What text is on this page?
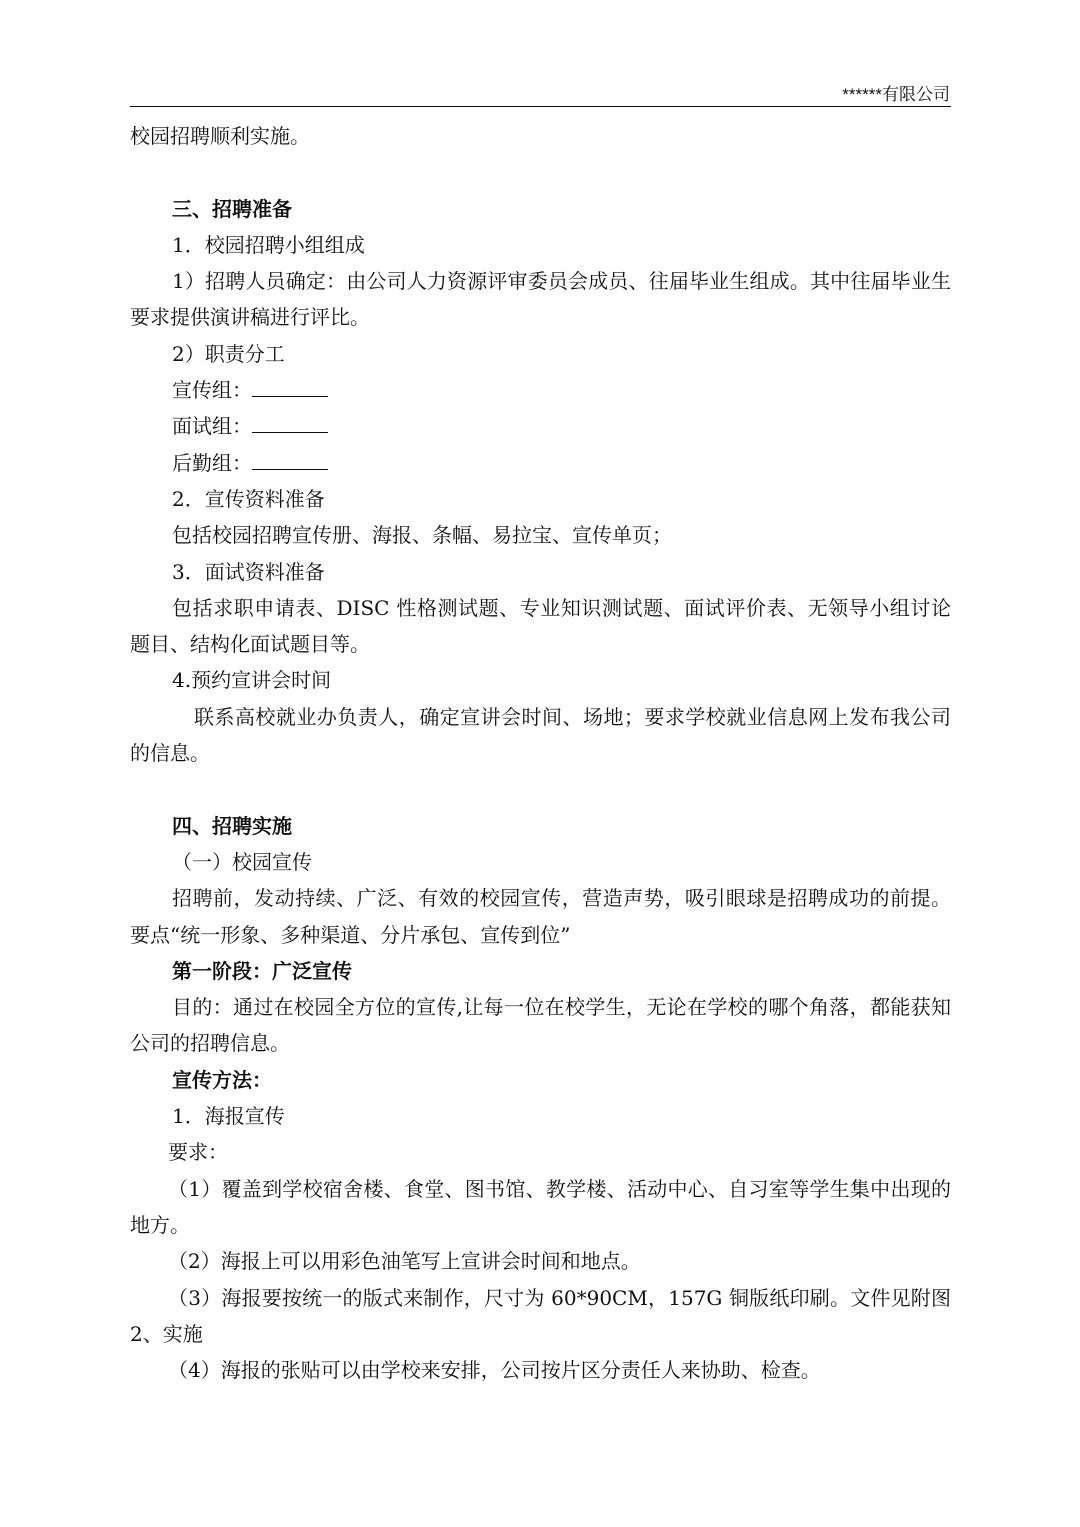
******有限公司

校园招聘顺利实施。

三、招聘准备

1．校园招聘小组组成

1）招聘人员确定：由公司人力资源评审委员会成员、往届毕业生组成。其中往届毕业生要求提供演讲稿进行评比。

2）职责分工

宣传组：

面试组：

后勤组：

2．宣传资料准备

包括校园招聘宣传册、海报、条幅、易拉宝、宣传单页；

3．面试资料准备

包括求职申请表、DISC 性格测试题、专业知识测试题、面试评价表、无领导小组讨论题目、结构化面试题目等。

4.预约宣讲会时间

联系高校就业办负责人，确定宣讲会时间、场地；要求学校就业信息网上发布我公司的信息。

四、招聘实施

（一）校园宣传

招聘前，发动持续、广泛、有效的校园宣传，营造声势，吸引眼球是招聘成功的前提。要点“统一形象、多种渠道、分片承包、宣传到位”

第一阶段：广泛宣传

目的：通过在校园全方位的宣传,让每一位在校学生，无论在学校的哪个角落，都能获知公司的招聘信息。

宣传方法：

1．海报宣传

要求：

（1）覆盖到学校宿舍楼、食堂、图书馆、教学楼、活动中心、自习室等学生集中出现的地方。

（2）海报上可以用彩色油笔写上宣讲会时间和地点。

（3）海报要按统一的版式来制作，尺寸为 60*90CM，157G 铜版纸印刷。文件见附图 2、实施

（4）海报的张贴可以由学校来安排，公司按片区分责任人来协助、检查。
